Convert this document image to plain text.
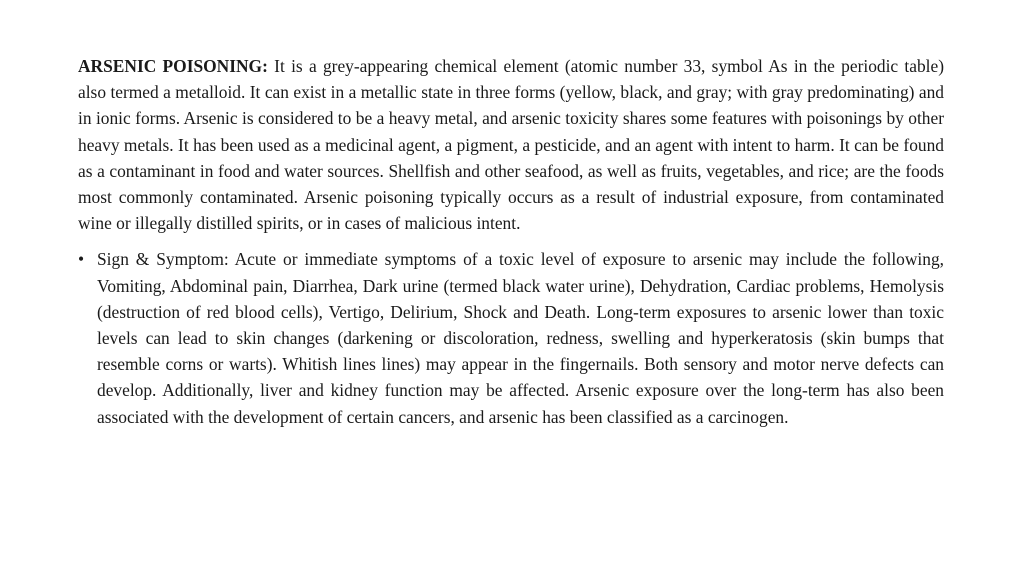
ARSENIC POISONING: It is a grey-appearing chemical element (atomic number 33, symbol As in the periodic table) also termed a metalloid. It can exist in a metallic state in three forms (yellow, black, and gray; with gray predominating) and in ionic forms. Arsenic is considered to be a heavy metal, and arsenic toxicity shares some features with poisonings by other heavy metals. It has been used as a medicinal agent, a pigment, a pesticide, and an agent with intent to harm. It can be found as a contaminant in food and water sources. Shellfish and other seafood, as well as fruits, vegetables, and rice; are the foods most commonly contaminated. Arsenic poisoning typically occurs as a result of industrial exposure, from contaminated wine or illegally distilled spirits, or in cases of malicious intent.

• Sign & Symptom: Acute or immediate symptoms of a toxic level of exposure to arsenic may include the following, Vomiting, Abdominal pain, Diarrhea, Dark urine (termed black water urine), Dehydration, Cardiac problems, Hemolysis (destruction of red blood cells), Vertigo, Delirium, Shock and Death. Long-term exposures to arsenic lower than toxic levels can lead to skin changes (darkening or discoloration, redness, swelling and hyperkeratosis (skin bumps that resemble corns or warts). Whitish lines lines) may appear in the fingernails. Both sensory and motor nerve defects can develop. Additionally, liver and kidney function may be affected. Arsenic exposure over the long-term has also been associated with the development of certain cancers, and arsenic has been classified as a carcinogen.
